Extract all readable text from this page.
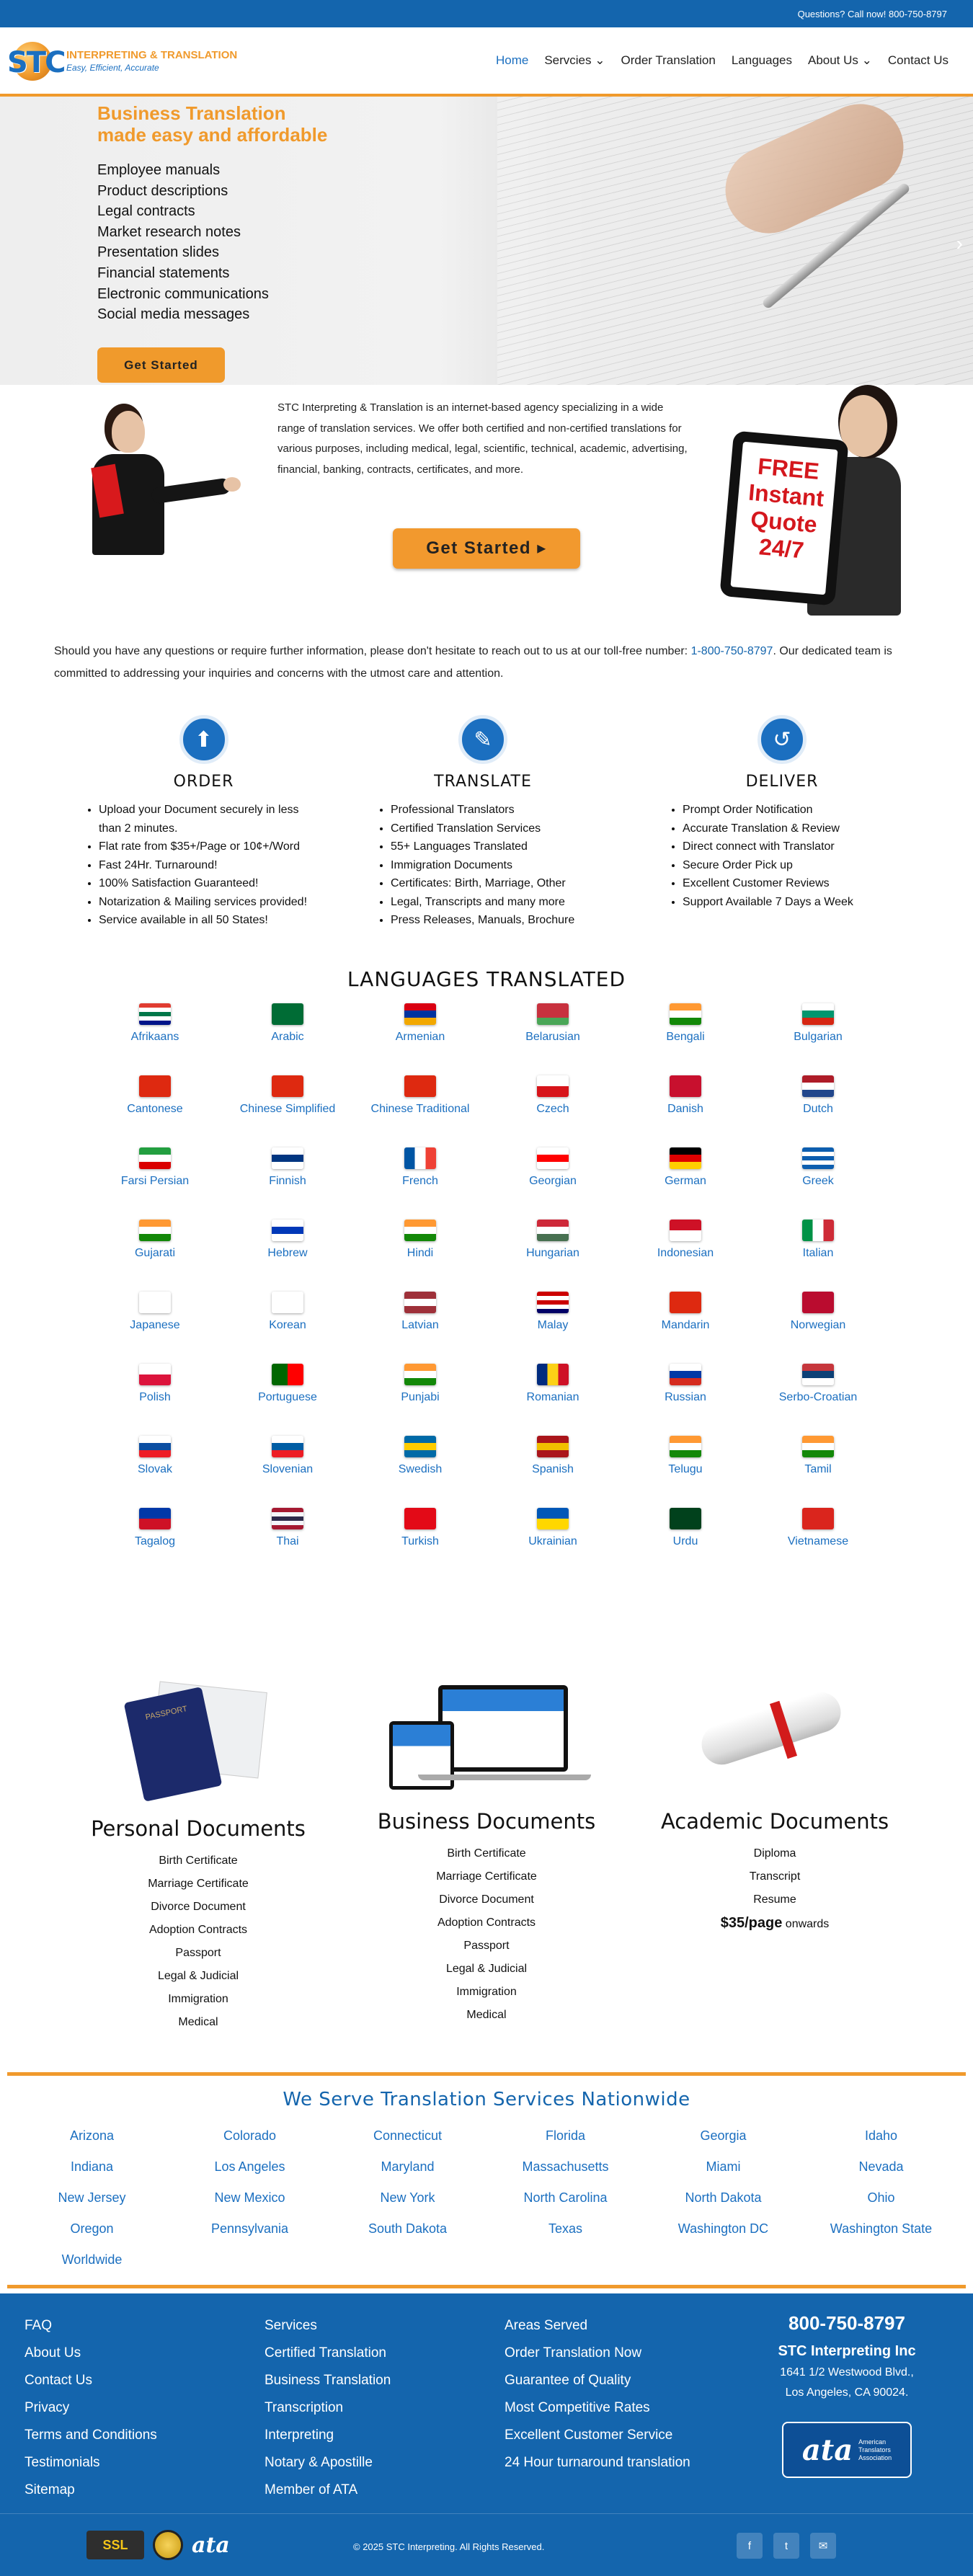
Questions? Call now! 800-750-8797
STC INTERPRETING & TRANSLATION
Easy, Efficient, Accurate
Home Servcies ⌄ Order Translation Languages About Us ⌄ Contact Us
Business Translation
made easy and affordable
Employee manuals
Product descriptions
Legal contracts
Market research notes
Presentation slides
Financial statements
Electronic communications
Social media messages
Get Started
›

STC Interpreting & Translation is an internet-based agency specializing in a wide range of translation services. We offer both certified and non-certified translations for various purposes, including medical, legal, scientific, technical, academic, advertising, financial, banking, contracts, certificates, and more.

Get Started ▸
FREE
Instant
Quote
24/7

Should you have any questions or require further information, please don't hesitate to reach out to us at our toll-free number: 1-800-750-8797. Our dedicated team is committed to addressing your inquiries and concerns with the utmost care and attention.

⬆
ORDER
• Upload your Document securely in less than 2 minutes.
• Flat rate from $35+/Page or 10¢+/Word
• Fast 24Hr. Turnaround!
• 100% Satisfaction Guaranteed!
• Notarization & Mailing services provided!
• Service available in all 50 States!
✎
TRANSLATE
• Professional Translators
• Certified Translation Services
• 55+ Languages Translated
• Immigration Documents
• Certificates: Birth, Marriage, Other
• Legal, Transcripts and many more
• Press Releases, Manuals, Brochure
↺
DELIVER
• Prompt Order Notification
• Accurate Translation & Review
• Direct connect with Translator
• Secure Order Pick up
• Excellent Customer Reviews
• Support Available 7 Days a Week
LANGUAGES TRANSLATED
Afrikaans	Arabic	Armenian	Belarusian	Bengali	Bulgarian
Cantonese	Chinese Simplified	Chinese Traditional	Czech	Danish	Dutch
Farsi Persian	Finnish	French	Georgian	German	Greek
Gujarati	Hebrew	Hindi	Hungarian	Indonesian	Italian
Japanese	Korean	Latvian	Malay	Mandarin	Norwegian
Polish	Portuguese	Punjabi	Romanian	Russian	Serbo-Croatian
Slovak	Slovenian	Swedish	Spanish	Telugu	Tamil
Tagalog	Thai	Turkish	Ukrainian	Urdu	Vietnamese
PASSPORT
Personal Documents
Birth Certificate
Marriage Certificate
Divorce Document
Adoption Contracts
Passport
Legal & Judicial
Immigration
Medical
Business Documents
Birth Certificate
Marriage Certificate
Divorce Document
Adoption Contracts
Passport
Legal & Judicial
Immigration
Medical
Academic Documents
Diploma
Transcript
Resume
$35/page onwards
We Serve Translation Services Nationwide
Arizona	Colorado	Connecticut	Florida	Georgia	Idaho
Indiana	Los Angeles	Maryland	Massachusetts	Miami	Nevada
New Jersey	New Mexico	New York	North Carolina	North Dakota	Ohio
Oregon	Pennsylvania	South Dakota	Texas	Washington DC	Washington State
Worldwide
FAQ
About Us
Contact Us
Privacy
Terms and Conditions
Testimonials
Sitemap
Services
Certified Translation
Business Translation
Transcription
Interpreting
Notary & Apostille
Member of ATA
Areas Served
Order Translation Now
Guarantee of Quality
Most Competitive Rates
Excellent Customer Service
24 Hour turnaround translation
800-750-8797
STC Interpreting Inc
1641 1/2 Westwood Blvd.,
Los Angeles, CA 90024.
ata American
Translators
Association
SSL	ata	© 2025 STC Interpreting. All Rights Reserved.	f	t	✉
